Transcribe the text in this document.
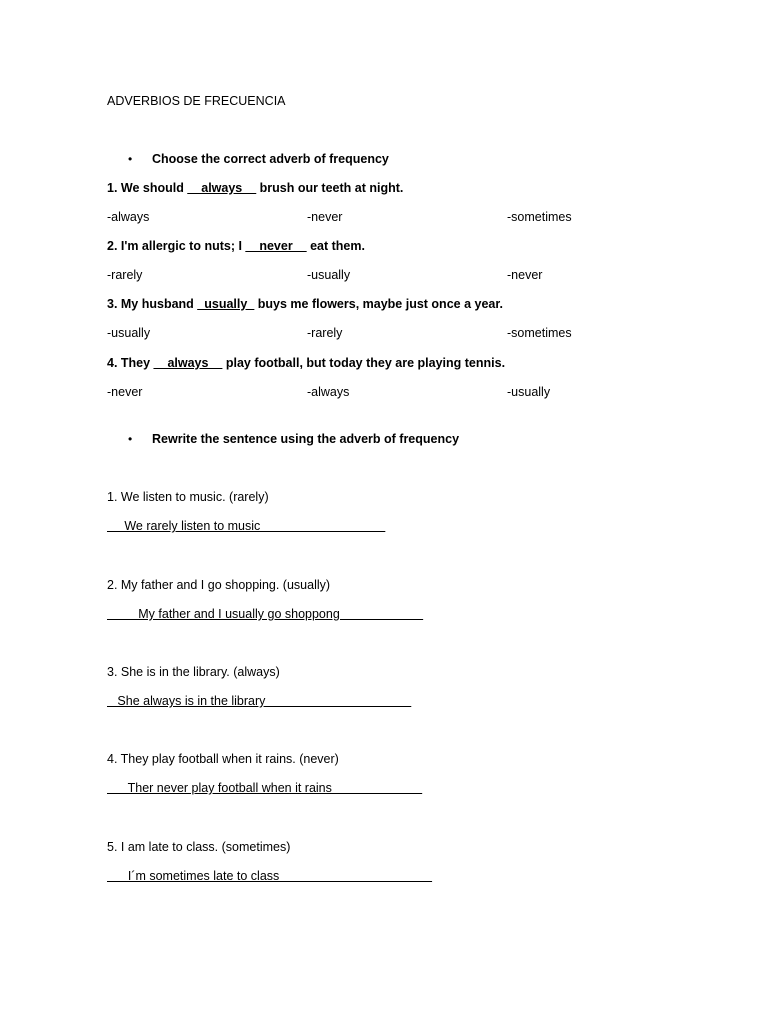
ADVERBIOS DE FRECUENCIA
• Choose the correct adverb of frequency
1. We should __always__ brush our teeth at night.
-always	-never	-sometimes
2. I'm allergic to nuts; I __never__ eat them.
-rarely	-usually	-never
3. My husband _usually_ buys me flowers, maybe just once a year.
-usually	-rarely	-sometimes
4. They __always__ play football, but today they are playing tennis.
-never	-always	-usually
• Rewrite the sentence using the adverb of frequency
1. We listen to music. (rarely)
We rarely listen to music
2. My father and I go shopping. (usually)
My father and I usually go shoppong
3. She is in the library. (always)
She always is in the library
4. They play football when it rains. (never)
Ther never play football when it rains
5. I am late to class. (sometimes)
I´m sometimes late to class
